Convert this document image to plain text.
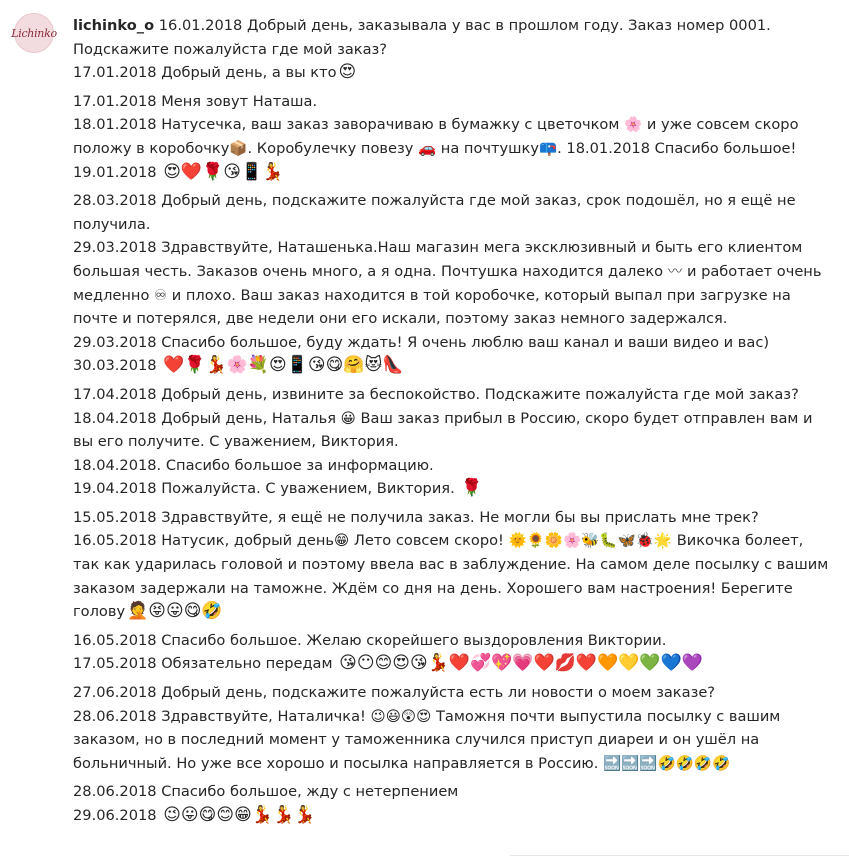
Lichinko lichinko_o 16.01.2018 Добрый день, заказывала у вас в прошлом году. Заказ номер 0001. Подскажите пожалуйста где мой заказ?

17.01.2018 Добрый день, а вы кто 😍

17.01.2018 Меня зовут Наташа.

18.01.2018 Натусечка, ваш заказ заворачиваю в бумажку с цветочком 🌸 и уже совсем скоро положу в коробочку📦. Коробулечку повезу 🚗 на почтушку📪. 18.01.2018 Спасибо большое!

19.01.2018 😍❤️🌹😘📱💃

28.03.2018 Добрый день, подскажите пожалуйста где мой заказ, срок подошёл, но я ещё не получила.

29.03.2018 Здравствуйте, Наташенька.Наш магазин мега эксклюзивный и быть его клиентом большая честь. Заказов очень много, а я одна. Почтушка находится далеко 〰 и работает очень медленно ♾ и плохо. Ваш заказ находится в той коробочке, который выпал при загрузке на почте и потерялся, две недели они его искали, поэтому заказ немного задержался.

29.03.2018 Спасибо большое, буду ждать! Я очень люблю ваш канал и ваши видео и вас)

30.03.2018 ❤️🌹💃🌸💐😍📱😘😋🤗😻👠

17.04.2018 Добрый день, извините за беспокойство. Подскажите пожалуйста где мой заказ?

18.04.2018 Добрый день, Наталья 😀 Ваш заказ прибыл в Россию, скоро будет отправлен вам и вы его получите. С уважением, Виктория.

18.04.2018. Спасибо большое за информацию.

19.04.2018 Пожалуйста. С уважением, Виктория. 🌹

15.05.2018 Здравствуйте, я ещё не получила заказ. Не могли бы вы прислать мне трек?

16.05.2018 Натусик, добрый день😁 Лето совсем скоро! 🌞🌻🌼🌸🐝🐛🦋🐞🌟 Викочка болеет, так как ударилась головой и поэтому ввела вас в заблуждение. На самом деле посылку с вашим заказом задержали на таможне. Ждём со дня на день. Хорошего вам настроения! Берегите голову 🤦😝😛😋🤣

16.05.2018 Спасибо большое. Желаю скорейшего выздоровления Виктории.

17.05.2018 Обязательно передам 😘😶😊😍😘💃❤️💞💖💗❤️💋❤️🧡💛💚💙💜

27.06.2018 Добрый день, подскажите пожалуйста есть ли новости о моем заказе?

28.06.2018 Здравствуйте, Наталичка! 😉😃😲😍 Таможня почти выпустила посылку с вашим заказом, но в последний момент у таможенника случился приступ диареи и он ушёл на больничный. Но уже все хорошо и посылка направляется в Россию. 🔜🔜🔜🤣🤣🤣🤣

28.06.2018 Спасибо большое, жду с нетерпением

29.06.2018 😉😛😋😊😁💃💃💃
